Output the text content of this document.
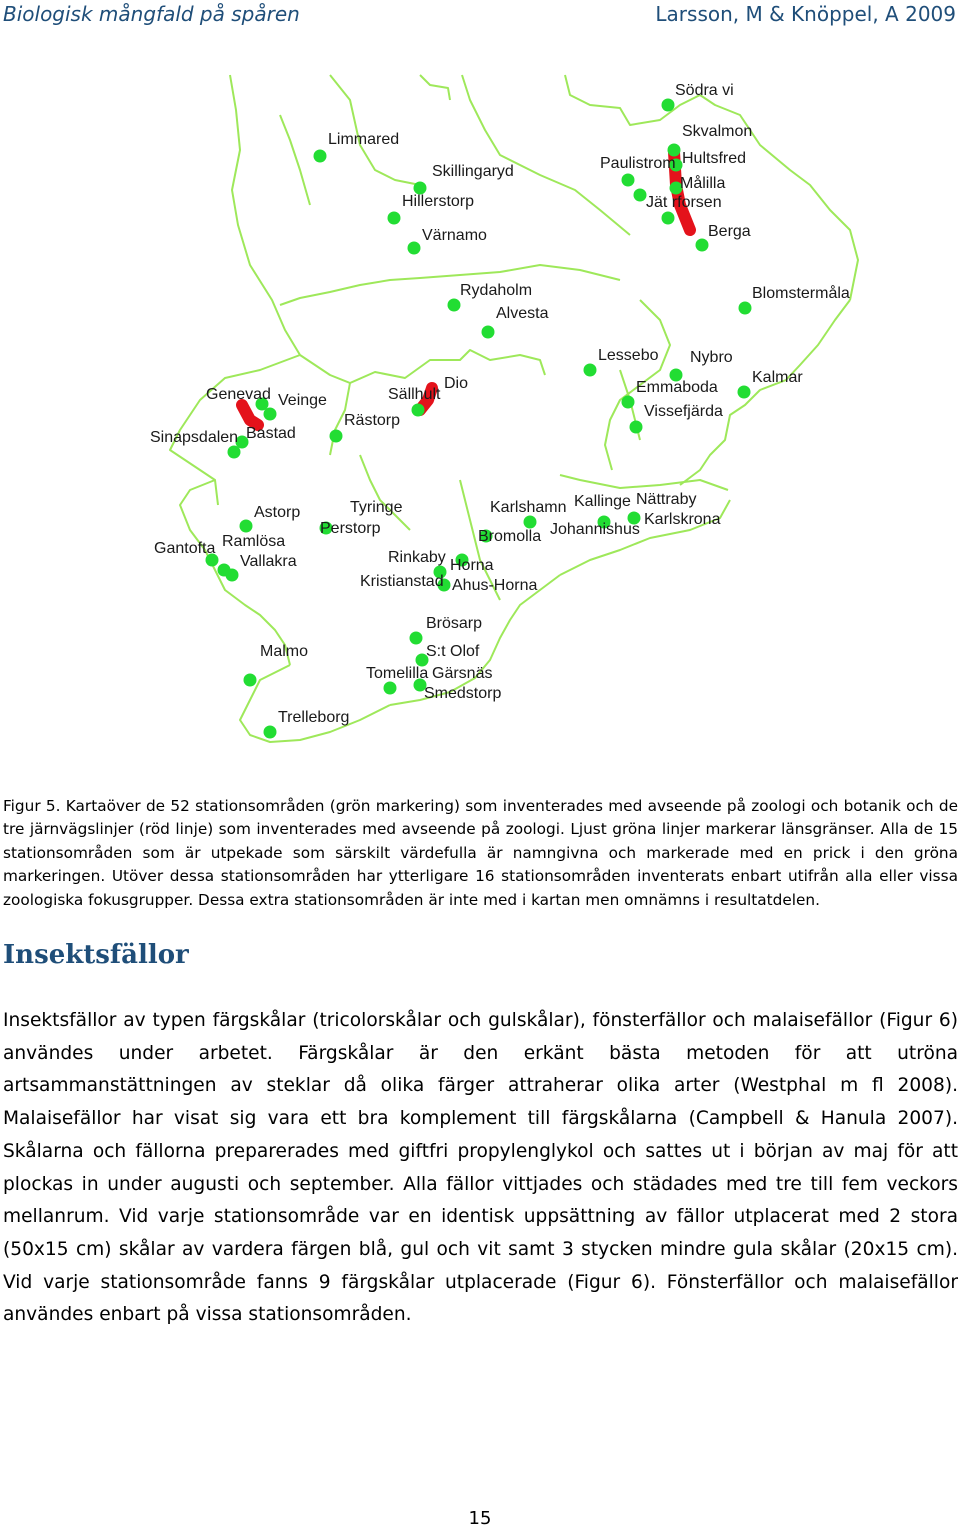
Biologisk mångfald på spåren	Larsson, M & Knöppel, A 2009
Södra vi
Limmared	Skvalmon
Paulistrom Hultsfred
Skillingaryd
Målilla
Hillerstorp	Jät rforsen
Berga
Värnamo
Rydaholm	Blomstermåla
Alvesta
Lessebo Nybro
Dio
Genevad	Sällhult
Kalmar
Emmaboda
Veinge
Rästorp
Vissefjärda
Bastad
Sinapsdalen
Nättraby
Kallinge
Karlshamn
Karlskrona
Astorp	Tyringe
Johannishus
Bromolla
Perstorp
Ramlösa
Gantofta
Vallakra	Rinkaby Horna
Kristianstad Ahus-Horna
Brösarp
Malmo	S:t Olof
Tomelilla Gärsnäs
Smedstorp
Trelleborg
Figur 5. Kartaöver de 52 stationsområden (grön markering) som inventerades med avseende på zoologi och botanik och de tre järnvägslinjer (röd linje) som inventerades med avseende på zoologi. Ljust gröna linjer markerar länsgränser. Alla de 15 stationsområden som är utpekade som särskilt värdefulla är namngivna och markerade med en prick i den gröna markeringen. Utöver dessa stationsområden har ytterligare 16 stationsområden inventerats enbart utifrån alla eller vissa zoologiska fokusgrupper. Dessa extra stationsområden är inte med i kartan men omnämns i resultatdelen.
Insektsfällor
Insektsfällor av typen färgskålar (tricolorskålar och gulskålar), fönsterfällor och malaisefällor (Figur 6) användes under arbetet. Färgskålar är den erkänt bästa metoden för att utröna artsammanstättningen av steklar då olika färger attraherar olika arter (Westphal m fl 2008). Malaisefällor har visat sig vara ett bra komplement till färgskålarna (Campbell & Hanula 2007). Skålarna och fällorna preparerades med giftfri propylenglykol och sattes ut i början av maj för att plockas in under augusti och september. Alla fällor vittjades och städades med tre till fem veckors mellanrum. Vid varje stationsområde var en identisk uppsättning av fällor utplacerat med 2 stora (50x15 cm) skålar av vardera färgen blå, gul och vit samt 3 stycken mindre gula skålar (20x15 cm). Vid varje stationsområde fanns 9 färgskålar utplacerade (Figur 6). Fönsterfällor och malaisefällor användes enbart på vissa stationsområden.
15
